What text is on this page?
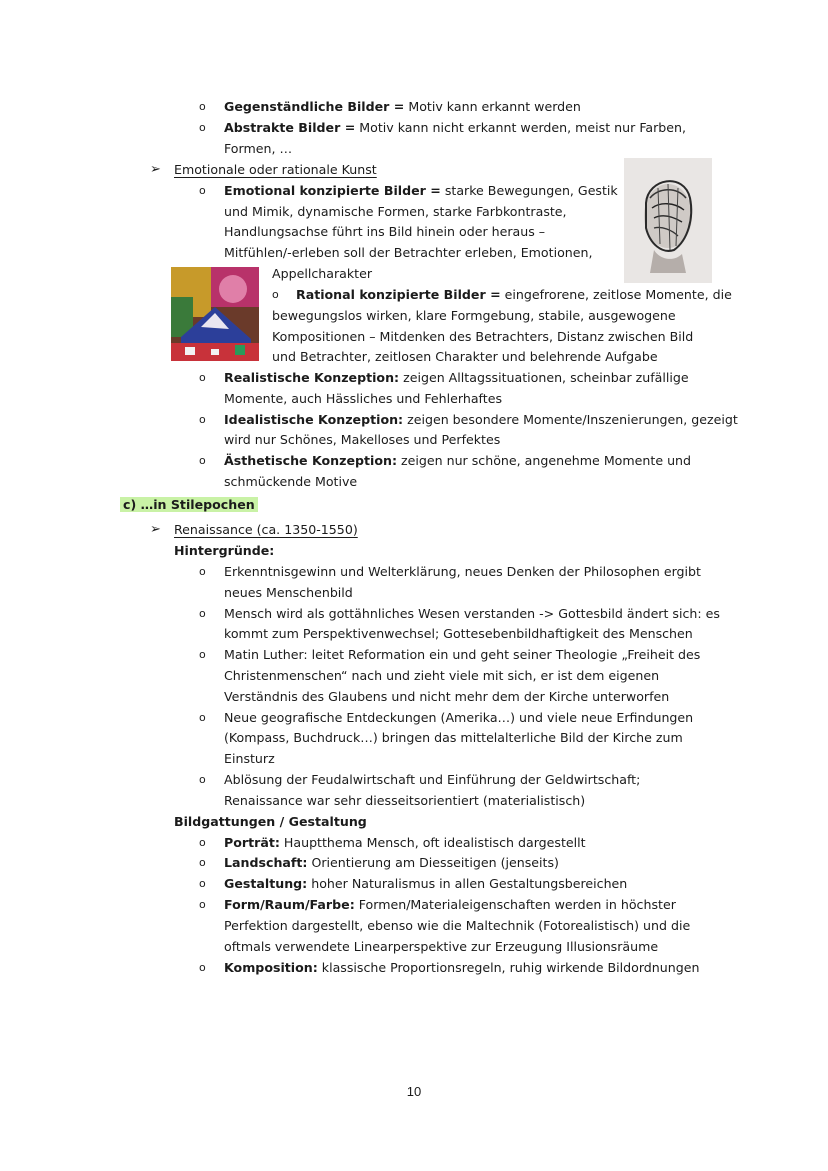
o Gegenständliche Bilder = Motiv kann erkannt werden
o Abstrakte Bilder = Motiv kann nicht erkannt werden, meist nur Farben,
Formen, …
➢ Emotionale oder rationale Kunst
o Emotional konzipierte Bilder = starke Bewegungen, Gestik
und Mimik, dynamische Formen, starke Farbkontraste,
Handlungsachse führt ins Bild hinein oder heraus –
Mitfühlen/-erleben soll der Betrachter erleben, Emotionen,
Appellcharakter
o Rational konzipierte Bilder = eingefrorene, zeitlose Momente, die
bewegungslos wirken, klare Formgebung, stabile, ausgewogene
Kompositionen – Mitdenken des Betrachters, Distanz zwischen Bild
und Betrachter, zeitlosen Charakter und belehrende Aufgabe
o Realistische Konzeption: zeigen Alltagssituationen, scheinbar zufällige
Momente, auch Hässliches und Fehlerhaftes
o Idealistische Konzeption: zeigen besondere Momente/Inszenierungen, gezeigt
wird nur Schönes, Makelloses und Perfektes
o Ästhetische Konzeption: zeigen nur schöne, angenehme Momente und
schmückende Motive
c) …in Stilepochen
➢ Renaissance (ca. 1350-1550)
Hintergründe:
o Erkenntnisgewinn und Welterklärung, neues Denken der Philosophen ergibt
neues Menschenbild
o Mensch wird als gottähnliches Wesen verstanden -> Gottesbild ändert sich: es
kommt zum Perspektivenwechsel; Gottesebenbildhaftigkeit des Menschen
o Matin Luther: leitet Reformation ein und geht seiner Theologie „Freiheit des
Christenmenschen“ nach und zieht viele mit sich, er ist dem eigenen
Verständnis des Glaubens und nicht mehr dem der Kirche unterworfen
o Neue geografische Entdeckungen (Amerika…) und viele neue Erfindungen
(Kompass, Buchdruck…) bringen das mittelalterliche Bild der Kirche zum
Einsturz
o Ablösung der Feudalwirtschaft und Einführung der Geldwirtschaft;
Renaissance war sehr diesseitsorientiert (materialistisch)
Bildgattungen / Gestaltung
o Porträt: Hauptthema Mensch, oft idealistisch dargestellt
o Landschaft: Orientierung am Diesseitigen (jenseits)
o Gestaltung: hoher Naturalismus in allen Gestaltungsbereichen
o Form/Raum/Farbe: Formen/Materialeigenschaften werden in höchster
Perfektion dargestellt, ebenso wie die Maltechnik (Fotorealistisch) und die
oftmals verwendete Linearperspektive zur Erzeugung Illusionsräume
o Komposition: klassische Proportionsregeln, ruhig wirkende Bildordnungen
10
